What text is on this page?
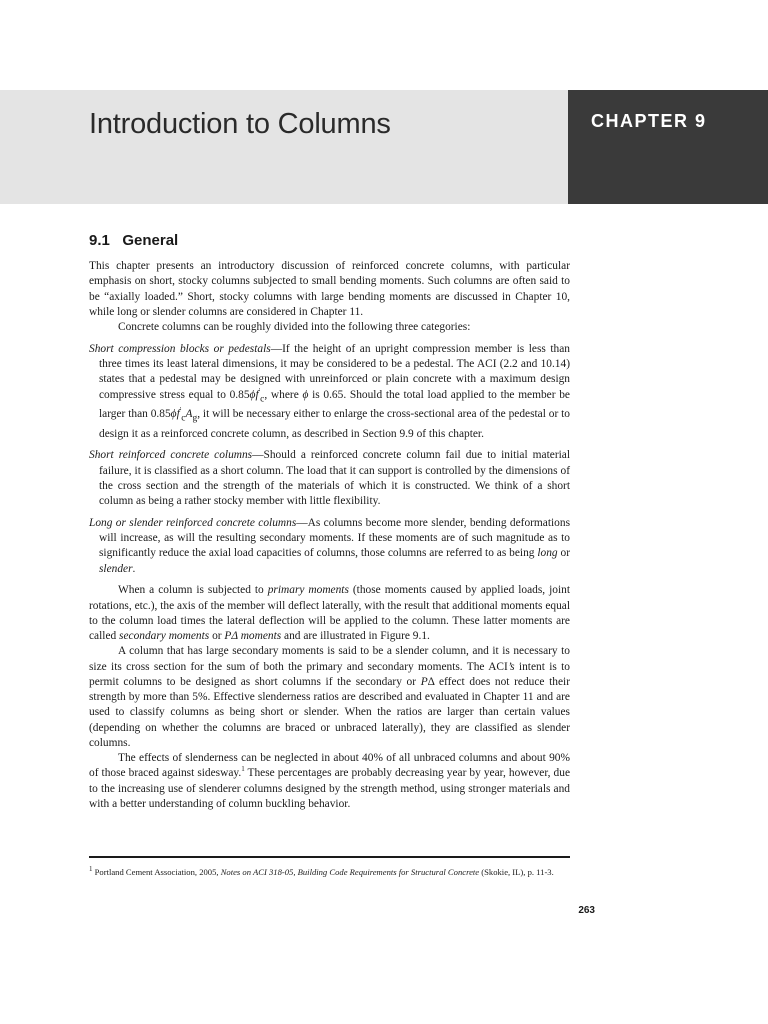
Introduction to Columns	CHAPTER 9
9.1   General

This chapter presents an introductory discussion of reinforced concrete columns, with particular emphasis on short, stocky columns subjected to small bending moments. Such columns are often said to be “axially loaded.” Short, stocky columns with large bending moments are discussed in Chapter 10, while long or slender columns are considered in Chapter 11.

Concrete columns can be roughly divided into the following three categories:

Short compression blocks or pedestals—If the height of an upright compression member is less than three times its least lateral dimensions, it may be considered to be a pedestal. The ACI (2.2 and 10.14) states that a pedestal may be designed with unreinforced or plain concrete with a maximum design compressive stress equal to $0.85\phi f'_c$, where ϕ is 0.65. Should the total load applied to the member be larger than $0.85\phi f'_cA_g$, it will be necessary either to enlarge the cross-sectional area of the pedestal or to design it as a reinforced concrete column, as described in Section 9.9 of this chapter.

Short reinforced concrete columns—Should a reinforced concrete column fail due to initial material failure, it is classified as a short column. The load that it can support is controlled by the dimensions of the cross section and the strength of the materials of which it is constructed. We think of a short column as being a rather stocky member with little flexibility.

Long or slender reinforced concrete columns—As columns become more slender, bending deformations will increase, as will the resulting secondary moments. If these moments are of such magnitude as to significantly reduce the axial load capacities of columns, those columns are referred to as being long or slender.

When a column is subjected to primary moments (those moments caused by applied loads, joint rotations, etc.), the axis of the member will deflect laterally, with the result that additional moments equal to the column load times the lateral deflection will be applied to the column. These latter moments are called secondary moments or PΔ moments and are illustrated in Figure 9.1.

A column that has large secondary moments is said to be a slender column, and it is necessary to size its cross section for the sum of both the primary and secondary moments. The ACI’s intent is to permit columns to be designed as short columns if the secondary or PΔ effect does not reduce their strength by more than 5%. Effective slenderness ratios are described and evaluated in Chapter 11 and are used to classify columns as being short or slender. When the ratios are larger than certain values (depending on whether the columns are braced or unbraced laterally), they are classified as slender columns.

The effects of slenderness can be neglected in about 40% of all unbraced columns and about 90% of those braced against sidesway.$^1$ These percentages are probably decreasing year by year, however, due to the increasing use of slenderer columns designed by the strength method, using stronger materials and with a better understanding of column buckling behavior.

$^1$ Portland Cement Association, 2005, Notes on ACI 318-05, Building Code Requirements for Structural Concrete (Skokie, IL), p. 11-3.

263
